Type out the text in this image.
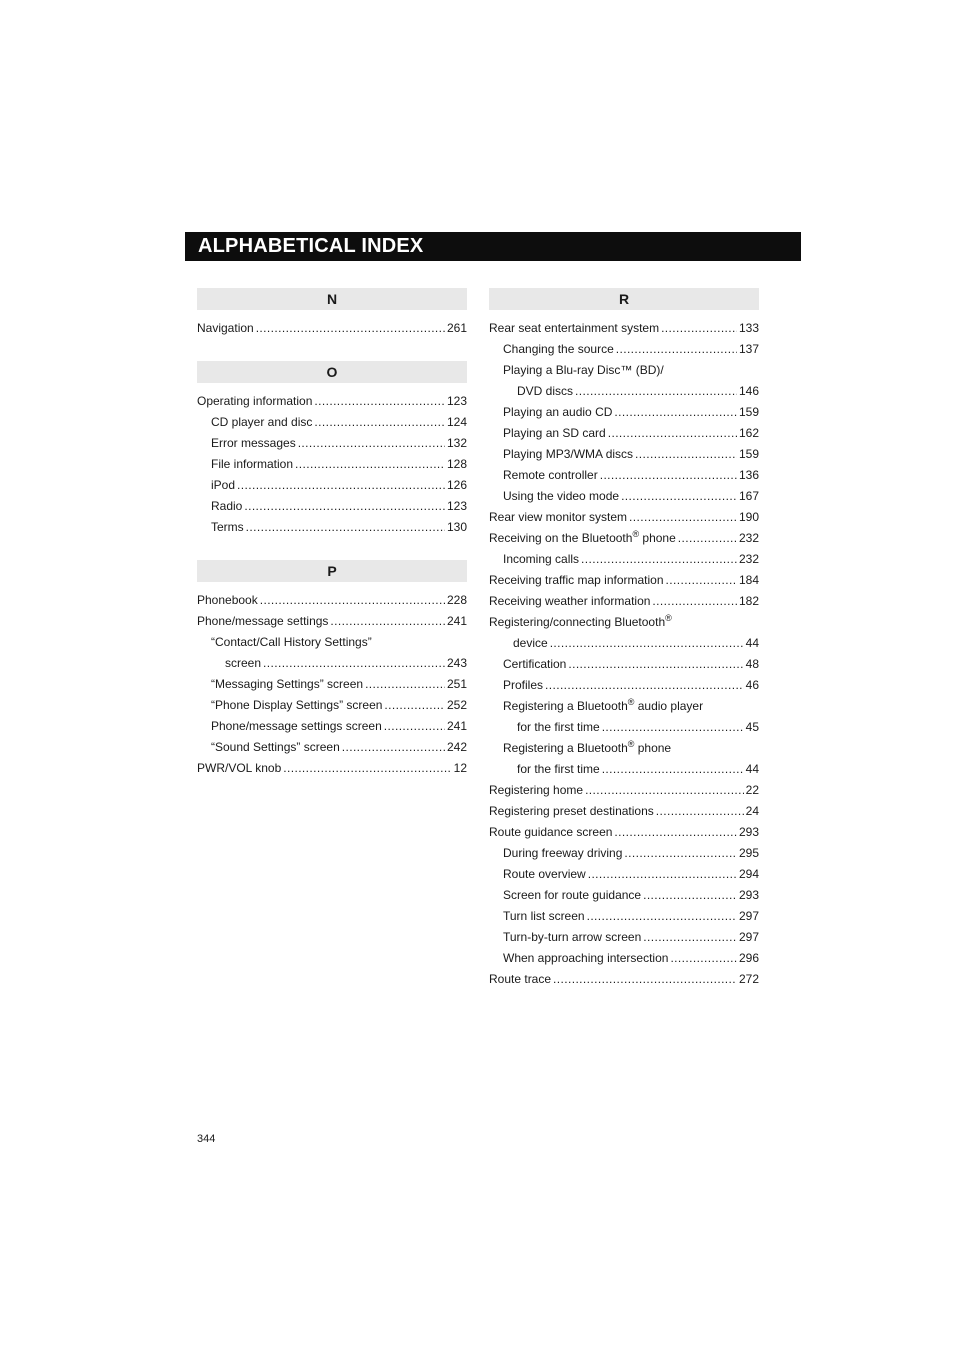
ALPHABETICAL INDEX
N
Navigation .....	261
O
Operating information .....	123
CD player and disc .....	124
Error messages .....	132
File information .....	128
iPod .....	126
Radio .....	123
Terms .....	130
P
Phonebook .....	228
Phone/message settings .....	241
“Contact/Call History Settings”
screen .....	243
“Messaging Settings” screen .....	251
“Phone Display Settings” screen .....	252
Phone/message settings screen .....	241
“Sound Settings” screen .....	242
PWR/VOL knob .....	12
R
Rear seat entertainment system .....	133
Changing the source .....	137
Playing a Blu-ray Disc™ (BD)/
DVD discs .....	146
Playing an audio CD .....	159
Playing an SD card .....	162
Playing MP3/WMA discs .....	159
Remote controller .....	136
Using the video mode .....	167
Rear view monitor system .....	190
Receiving on the Bluetooth® phone .....	232
Incoming calls .....	232
Receiving traffic map information .....	184
Receiving weather information .....	182
Registering/connecting Bluetooth®
device .....	44
Certification .....	48
Profiles .....	46
Registering a Bluetooth® audio player
for the first time .....	45
Registering a Bluetooth® phone
for the first time .....	44
Registering home .....	22
Registering preset destinations .....	24
Route guidance screen .....	293
During freeway driving .....	295
Route overview .....	294
Screen for route guidance .....	293
Turn list screen .....	297
Turn-by-turn arrow screen .....	297
When approaching intersection .....	296
Route trace .....	272
344
